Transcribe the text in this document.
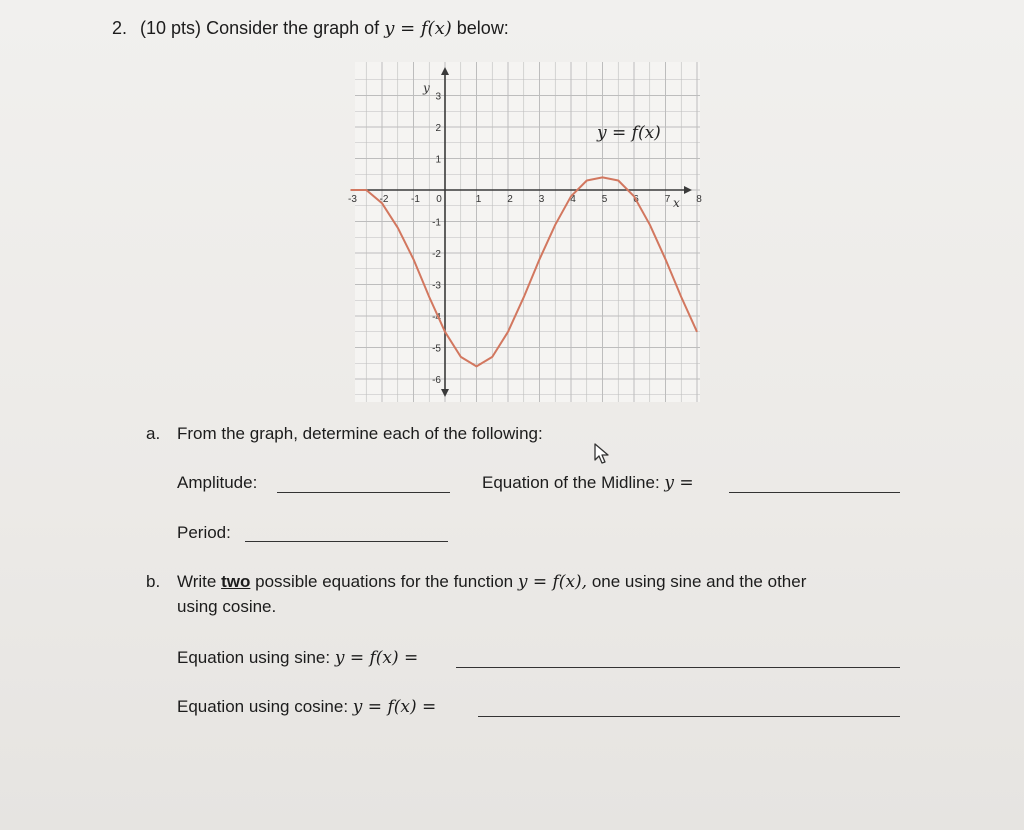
2. (10 pts) Consider the graph of y = f(x) below:
-3 -2 -1 0	1	2	3	4	5	6	7	8
3
2
1
-1
-2
-3
-4
-5
-6
y = f(x)
y
x
a. From the graph, determine each of the following:
Amplitude:	Equation of the Midline: y =
Period:
b. Write two possible equations for the function y = f(x), one using sine and the other
using cosine.
Equation using sine: y = f(x) =
Equation using cosine: y = f(x) =
